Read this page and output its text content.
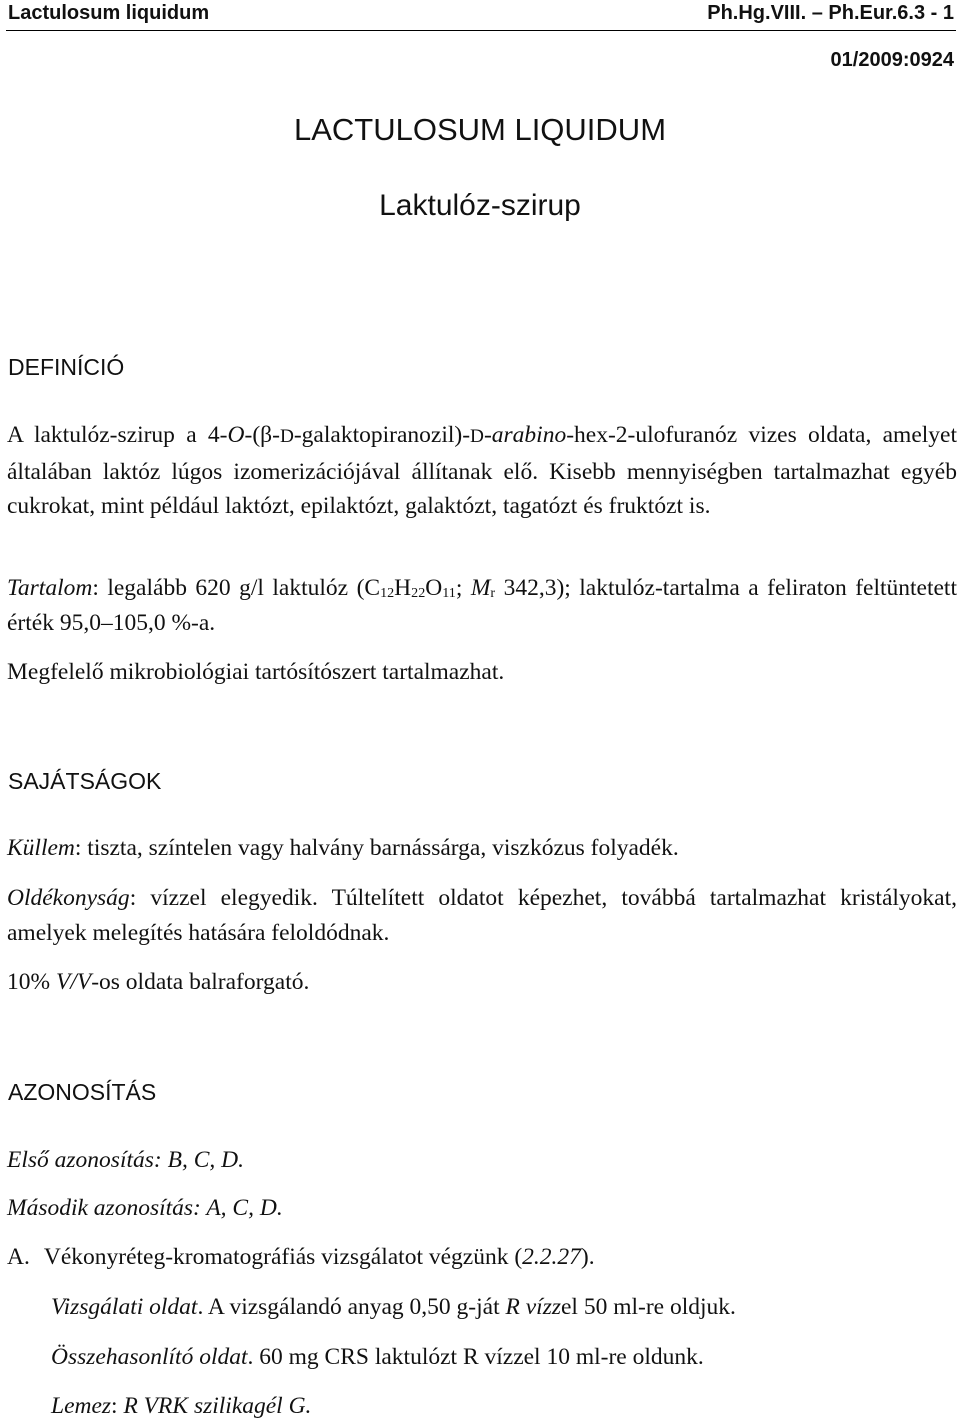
Lactulosum liquidum	Ph.Hg.VIII. – Ph.Eur.6.3 - 1
01/2009:0924
LACTULOSUM LIQUIDUM
Laktulóz-szirup
DEFINÍCIÓ
A laktulóz-szirup a 4-O-(β-D-galaktopiranozil)-D-arabino-hex-2-ulofuranóz vizes oldata, amelyet általában laktóz lúgos izomerizációjával állítanak elő. Kisebb mennyiségben tartalmazhat egyéb cukrokat, mint például laktózt, epilaktózt, galaktózt, tagatózt és fruktózt is.
Tartalom: legalább 620 g/l laktulóz ($C_{12}H_{22}O_{11}$; $M_r$ 342,3); laktulóz-tartalma a feliraton feltüntetett érték 95,0–105,0 %-a.
Megfelelő mikrobiológiai tartósítószert tartalmazhat.
SAJÁTSÁGOK
Küllem: tiszta, színtelen vagy halvány barnássárga, viszkózus folyadék.
Oldékonyság: vízzel elegyedik. Túltelített oldatot képezhet, továbbá tartalmazhat kristályokat, amelyek melegítés hatására feloldódnak.
10% V/V-os oldata balraforgató.
AZONOSÍTÁS
Első azonosítás: B, C, D.
Második azonosítás: A, C, D.
A. Vékonyréteg-kromatográfiás vizsgálatot végzünk (2.2.27).
Vizsgálati oldat. A vizsgálandó anyag 0,50 g-ját R vízzel 50 ml-re oldjuk.
Összehasonlító oldat. 60 mg CRS laktulózt R vízzel 10 ml-re oldunk.
Lemez: R VRK szilikagél G.
